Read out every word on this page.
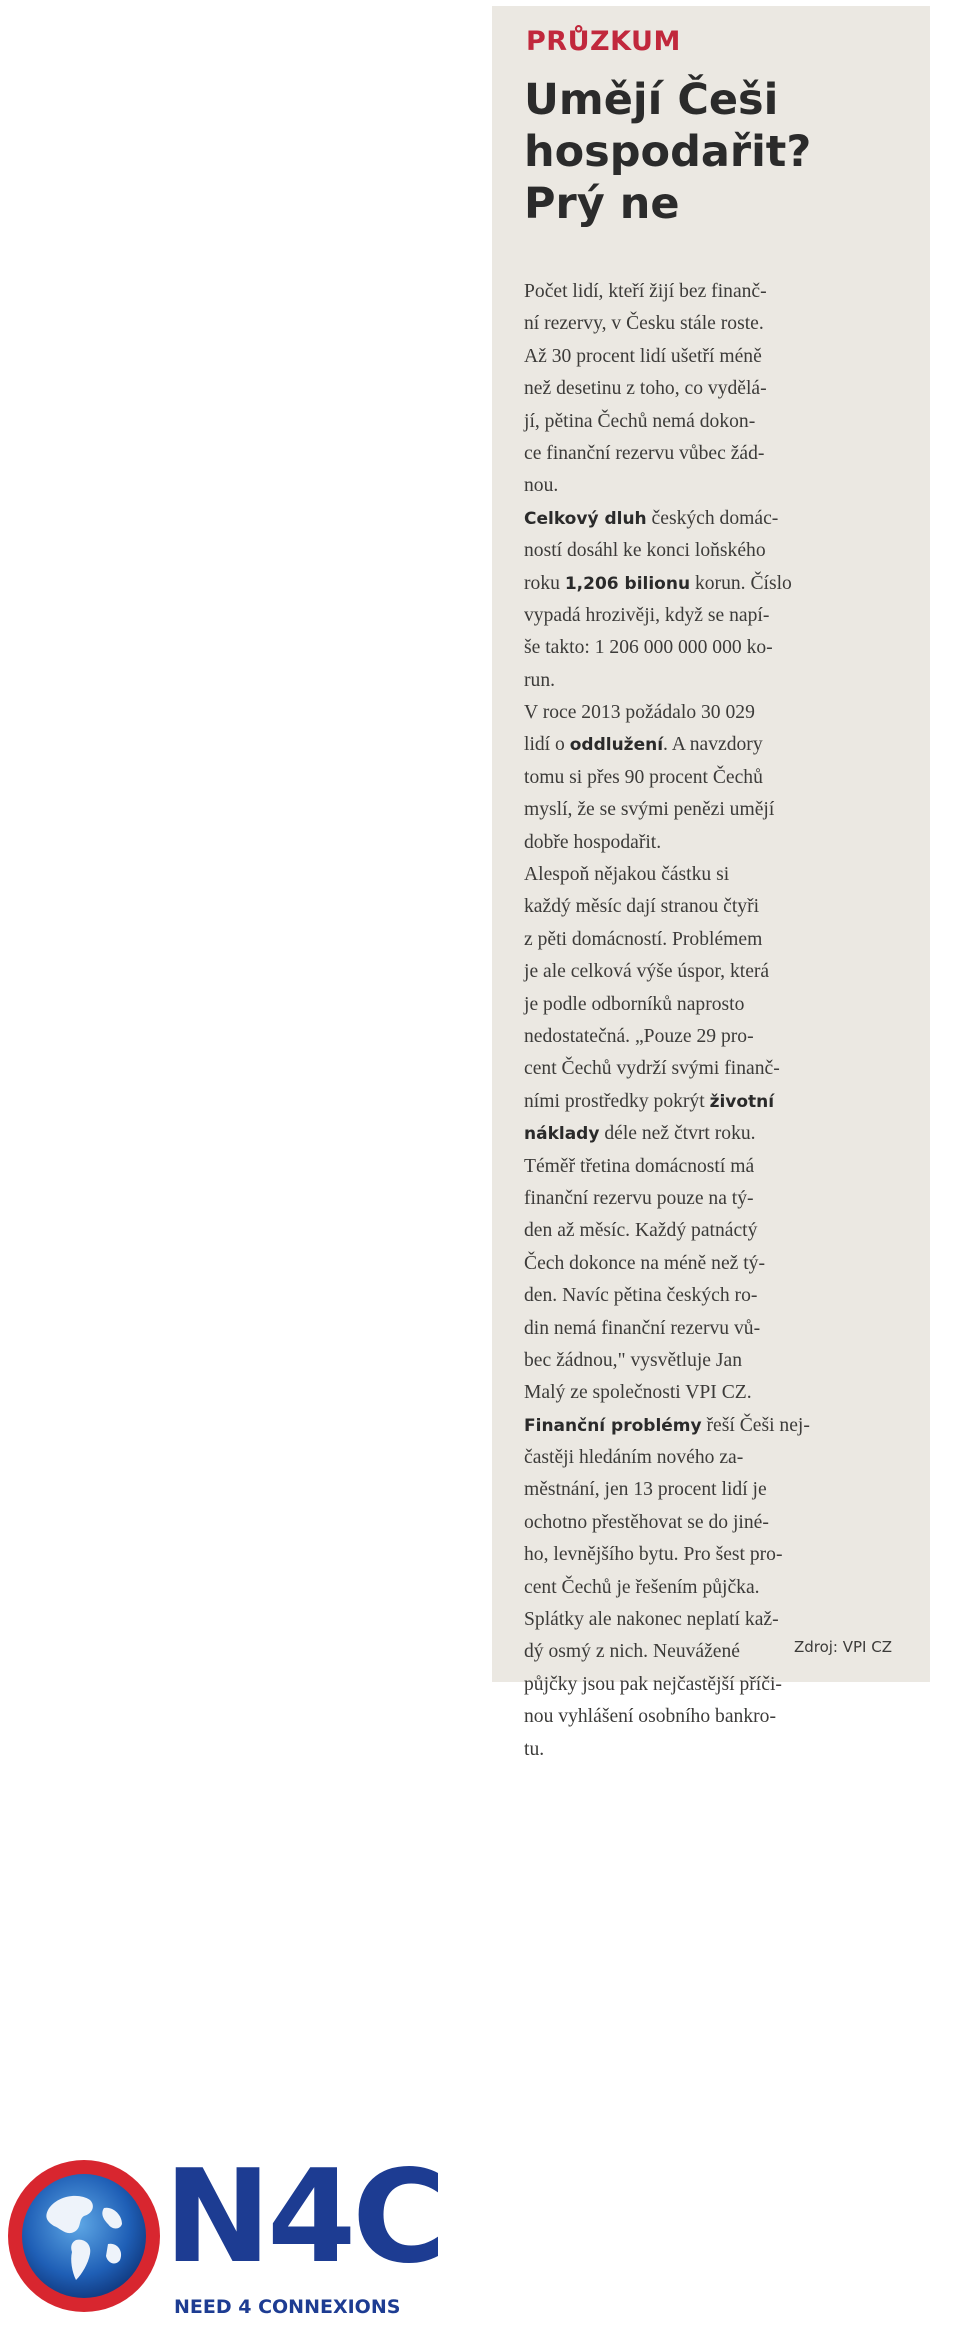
PRŮZKUM
Umějí Češi
hospodařit?
Prý ne
Počet lidí, kteří žijí bez finanč-
ní rezervy, v Česku stále roste.
Až 30 procent lidí ušetří méně
než desetinu z toho, co vydělá-
jí, pětina Čechů nemá dokon-
ce finanční rezervu vůbec žád-
nou.
Celkový dluh českých domác-
ností dosáhl ke konci loňského
roku 1,206 bilionu korun. Číslo
vypadá hrozivěji, když se napí-
še takto: 1 206 000 000 000 ko-
run.
V roce 2013 požádalo 30 029
lidí o oddlužení. A navzdory
tomu si přes 90 procent Čechů
myslí, že se svými penězi umějí
dobře hospodařit.
Alespoň nějakou částku si
každý měsíc dají stranou čtyři
z pěti domácností. Problémem
je ale celková výše úspor, která
je podle odborníků naprosto
nedostatečná. „Pouze 29 pro-
cent Čechů vydrží svými finanč-
ními prostředky pokrýt životní
náklady déle než čtvrt roku.
Téměř třetina domácností má
finanční rezervu pouze na tý-
den až měsíc. Každý patnáctý
Čech dokonce na méně než tý-
den. Navíc pětina českých ro-
din nemá finanční rezervu vů-
bec žádnou," vysvětluje Jan
Malý ze společnosti VPI CZ.
Finanční problémy řeší Češi nej-
častěji hledáním nového za-
městnání, jen 13 procent lidí je
ochotno přestěhovat se do jiné-
ho, levnějšího bytu. Pro šest pro-
cent Čechů je řešením půjčka.
Splátky ale nakonec neplatí kaž-
dý osmý z nich. Neuvážené
půjčky jsou pak nejčastější příči-
nou vyhlášení osobního bankro-
tu.
Zdroj: VPI CZ
N4C
NEED 4 CONNEXIONS
